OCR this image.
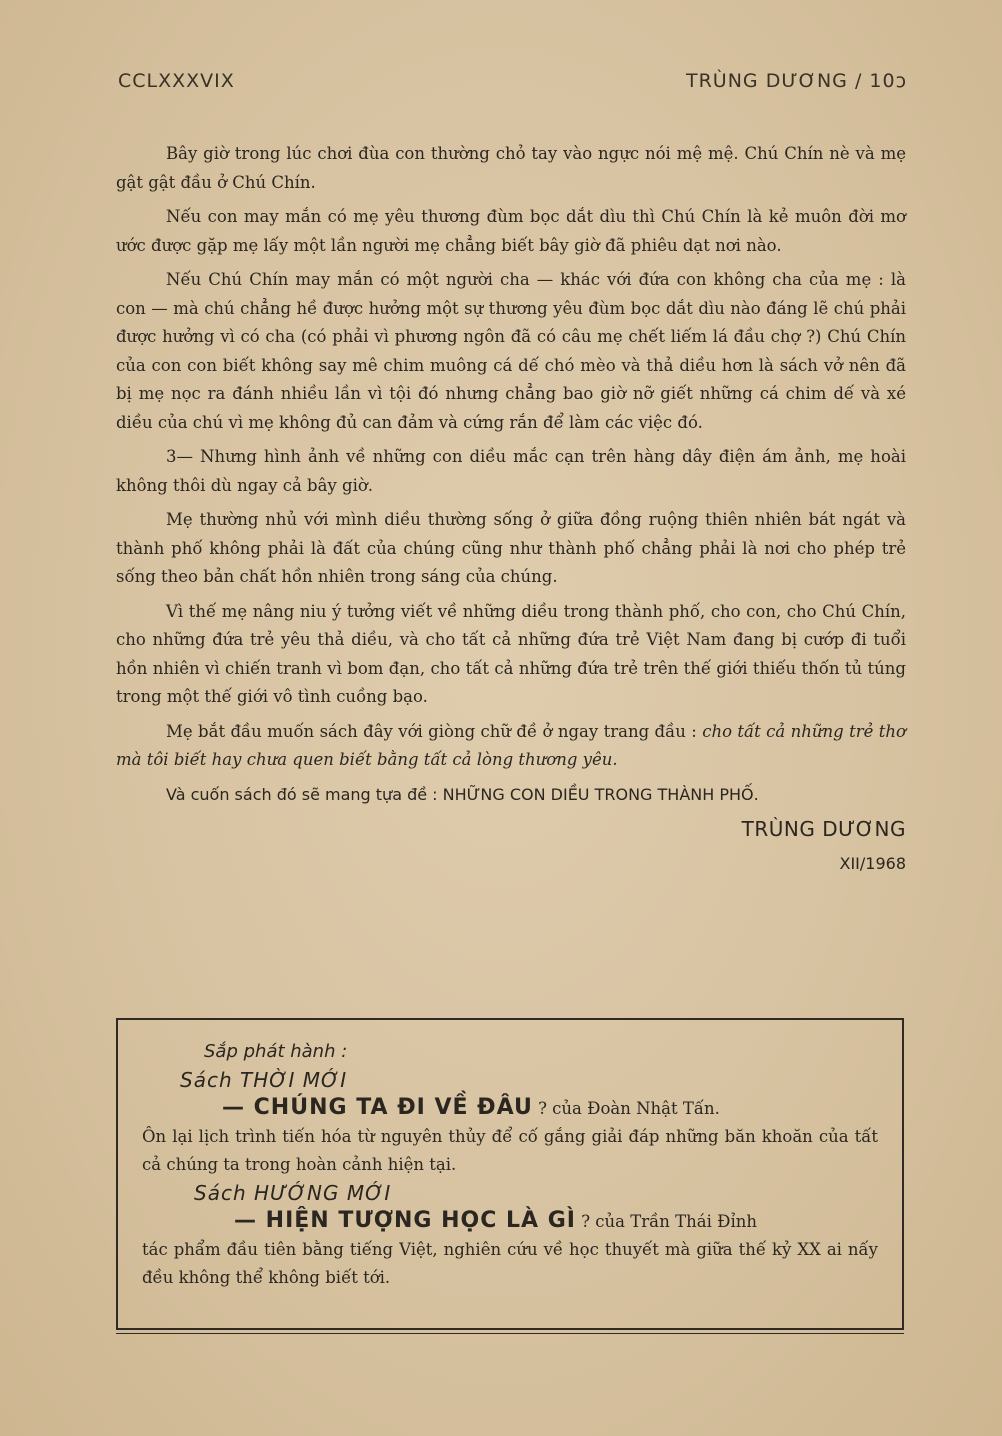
CCLXXXVIX	TRÙNG DƯƠNG / 10ͻ

Bây giờ trong lúc chơi đùa con thường chỏ tay vào ngực nói mệ mệ. Chú Chín nè và mẹ gật gật đầu ở Chú Chín.

Nếu con may mắn có mẹ yêu thương đùm bọc dắt dìu thì Chú Chín là kẻ muôn đời mơ ước được gặp mẹ lấy một lần người mẹ chẳng biết bây giờ đã phiêu dạt nơi nào.

Nếu Chú Chín may mắn có một người cha — khác với đứa con không cha của mẹ : là con — mà chú chẳng hề được hưởng một sự thương yêu đùm bọc dắt dìu nào đáng lẽ chú phải được hưởng vì có cha (có phải vì phương ngôn đã có câu mẹ chết liếm lá đầu chợ ?) Chú Chín của con con biết không say mê chim muông cá dế chó mèo và thả diều hơn là sách vở nên đã bị mẹ nọc ra đánh nhiều lần vì tội đó nhưng chẳng bao giờ nỡ giết những cá chim dế và xé diều của chú vì mẹ không đủ can đảm và cứng rắn để làm các việc đó.

3— Nhưng hình ảnh về những con diều mắc cạn trên hàng dây điện ám ảnh, mẹ hoài không thôi dù ngay cả bây giờ.

Mẹ thường nhủ với mình diều thường sống ở giữa đồng ruộng thiên nhiên bát ngát và thành phố không phải là đất của chúng cũng như thành phố chẳng phải là nơi cho phép trẻ sống theo bản chất hồn nhiên trong sáng của chúng.

Vì thế mẹ nâng niu ý tưởng viết về những diều trong thành phố, cho con, cho Chú Chín, cho những đứa trẻ yêu thả diều, và cho tất cả những đứa trẻ Việt Nam đang bị cướp đi tuổi hồn nhiên vì chiến tranh vì bom đạn, cho tất cả những đứa trẻ trên thế giới thiếu thốn tủ túng trong một thế giới vô tình cuồng bạo.

Mẹ bắt đầu muốn sách đây với giòng chữ đề ở ngay trang đầu : cho tất cả những trẻ thơ mà tôi biết hay chưa quen biết bằng tất cả lòng thương yêu.

Và cuốn sách đó sẽ mang tựa đề : NHỮNG CON DIỀU TRONG THÀNH PHỐ.

TRÙNG DƯƠNG

XII/1968

Sắp phát hành :
Sách THỜI MỚI
— CHÚNG TA ĐI VỀ ĐÂU ? của Đoàn Nhật Tấn.

Ôn lại lịch trình tiến hóa từ nguyên thủy để cố gắng giải đáp những băn khoăn của tất cả chúng ta trong hoàn cảnh hiện tại.

Sách HƯỚNG MỚI
— HIỆN TƯỢNG HỌC LÀ GÌ ? của Trần Thái Đỉnh

tác phẩm đầu tiên bằng tiếng Việt, nghiên cứu về học thuyết mà giữa thế kỷ XX ai nấy đều không thể không biết tới.
